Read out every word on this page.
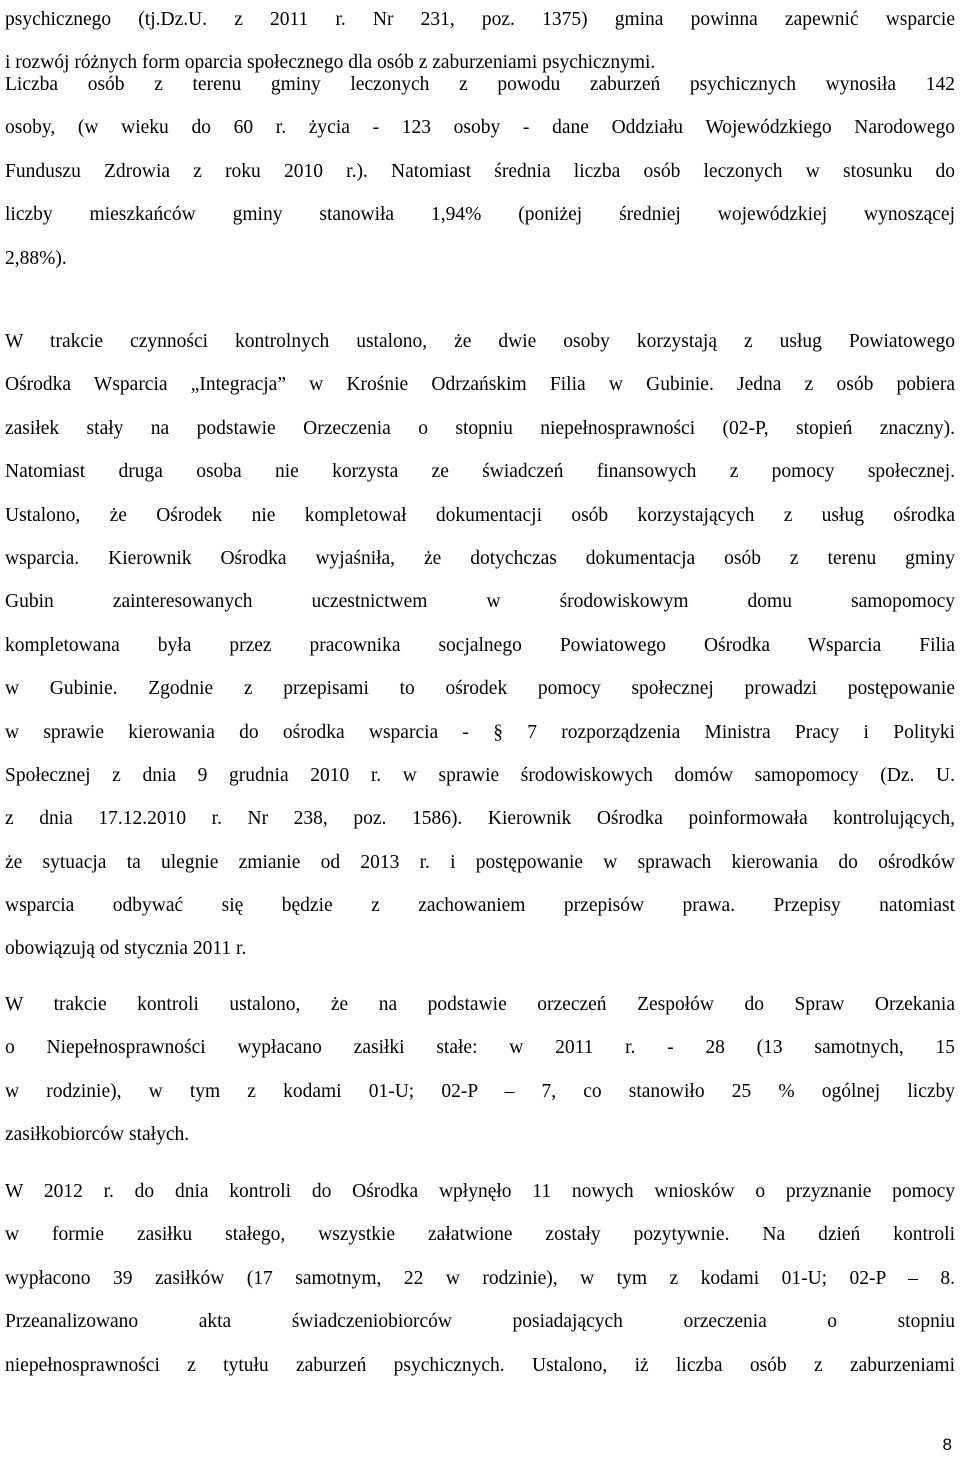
psychicznego (tj.Dz.U. z 2011 r. Nr 231, poz. 1375) gmina powinna zapewnić wsparcie
i rozwój różnych form oparcia społecznego dla osób z zaburzeniami psychicznymi.
Liczba osób z terenu gminy leczonych z powodu zaburzeń psychicznych wynosiła 142
osoby, (w wieku do 60 r. życia - 123 osoby - dane Oddziału Wojewódzkiego Narodowego
Funduszu Zdrowia z roku 2010 r.). Natomiast średnia liczba osób leczonych w stosunku do
liczby mieszkańców gminy stanowiła 1,94% (poniżej średniej wojewódzkiej wynoszącej
2,88%).
W trakcie czynności kontrolnych ustalono, że dwie osoby korzystają z usług Powiatowego
Ośrodka Wsparcia „Integracja” w Krośnie Odrzańskim Filia w Gubinie. Jedna z osób pobiera
zasiłek stały na podstawie Orzeczenia o stopniu niepełnosprawności (02-P, stopień znaczny).
Natomiast druga osoba nie korzysta ze świadczeń finansowych z pomocy społecznej.
Ustalono, że Ośrodek nie kompletował dokumentacji osób korzystających z usług ośrodka
wsparcia. Kierownik Ośrodka wyjaśniła, że dotychczas dokumentacja osób z terenu gminy
Gubin zainteresowanych uczestnictwem w środowiskowym domu samopomocy
kompletowana była przez pracownika socjalnego Powiatowego Ośrodka Wsparcia Filia
w Gubinie. Zgodnie z przepisami to ośrodek pomocy społecznej prowadzi postępowanie
w sprawie kierowania do ośrodka wsparcia - § 7 rozporządzenia Ministra Pracy i Polityki
Społecznej z dnia 9 grudnia 2010 r. w sprawie środowiskowych domów samopomocy (Dz. U.
z dnia 17.12.2010 r. Nr 238, poz. 1586). Kierownik Ośrodka poinformowała kontrolujących,
że sytuacja ta ulegnie zmianie od 2013 r. i postępowanie w sprawach kierowania do ośrodków
wsparcia odbywać się będzie z zachowaniem przepisów prawa. Przepisy natomiast
obowiązują od stycznia 2011 r.
W trakcie kontroli ustalono, że na podstawie orzeczeń Zespołów do Spraw Orzekania
o Niepełnosprawności wypłacano zasiłki stałe: w 2011 r. - 28 (13 samotnych, 15
w rodzinie), w tym z kodami 01-U; 02-P – 7, co stanowiło 25 % ogólnej liczby
zasiłkobiorców stałych.
W 2012 r. do dnia kontroli do Ośrodka wpłynęło 11 nowych wniosków o przyznanie pomocy
w formie zasiłku stałego, wszystkie załatwione zostały pozytywnie. Na dzień kontroli
wypłacono 39 zasiłków (17 samotnym, 22 w rodzinie), w tym z kodami 01-U; 02-P – 8.
Przeanalizowano akta świadczeniobiorców posiadających orzeczenia o stopniu
niepełnosprawności z tytułu zaburzeń psychicznych. Ustalono, iż liczba osób z zaburzeniami
8
